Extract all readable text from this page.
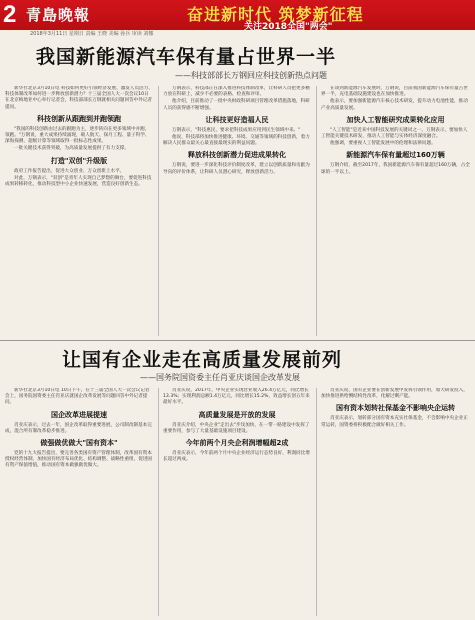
2 青島晚報	奋进新时代 筑梦新征程
关注2018全国"两会"
2018年3月11日 星期日 责编 王晓 美编 孙兵 审读 刘娜
我国新能源汽车保有量占世界一半
——科技部部长万钢回应科技创新热点问题

新华社北京3月10日电 科技如何更好引领经济发展、激发人员活力、科技体制改革如何进一步释放创新潜力？十三届全国人大一次会议10日在北京梅地亚中心举行记者会，科技部部长万钢就相关问题回答中外记者提问。

科技创新从跟跑到并跑领跑

"我国的科技创新由过去的跟跑为主，逐步转向在更多领域中并跑、领跑。"万钢说，重大成果持续涌现，载人航天、探月工程、量子科学、深海探测、超级计算等领域取得一批标志性成果。

一批关键技术获得突破，为高质量发展提供了有力支撑。

打造"双创"升级版

政府工作报告提出，促进大众创业、万众创新上水平。

对此，万钢表示，"双创"是青年人实现自己梦想的舞台，要促进科技成果转移转化，推动科技型中小企业快速发展，营造良好创新生态。

万钢表示，科技部正在深入推进科技体制改革，让科研人员把更多精力放在科研上，减少不必要的表格、检查和评审。

他介绍，目前推动了一批中央财政科研项目管理改革措施落地，科研人员的获得感不断增强。

让科技更好造福人民

万钢表示，"科技惠民，要求把科技成果应用到民生领域中来。"

他说，科技部将加快推进健康、环境、交通等领域的科技创新，着力解决人民群众最关心最直接最现实的利益问题。

释放科技创新潜力促进成果转化

万钢说，要进一步深化科技评价制度改革，建立以创新质量和贡献为导向的评价体系，让科研人员潜心研究，释放创新活力。

在谈到新能源汽车发展时，万钢说，目前我国新能源汽车保有量占世界一半，充电基础设施建设也在加快推进。

他表示，要加强新能源汽车核心技术研发，提升动力电池性能，推动产业高质量发展。

加快人工智能研究成果转化应用

"人工智能"是近来中国科技发展的关键词之一。万钢表示，要加快人工智能关键技术研发，推动人工智能与实体经济深度融合。

他强调，要重视人工智能发展中的伦理和法律问题。

新能源汽车保有量超过160万辆

万钢介绍，截至2017年，我国新能源汽车保有量超过160万辆，占全球的一半以上。

让国有企业走在高质量发展前列
——国务院国资委主任肖亚庆谈国企改革发展

新华社北京3月10日电 10日下午，在十三届全国人大一次会议记者会上，国务院国资委主任肖亚庆就国企改革发展等问题回答中外记者提问。

国企改革进展提速

肖亚庆表示，过去一年，国企改革取得重要进展，公司制改制基本完成，混合所有制改革稳步推进。

做强做优做大"国有资本"

党的十九大报告提出，要完善各类国有资产管理体制，改革国有资本授权经营体制，加快国有经济布局优化、结构调整、战略性重组，促进国有资产保值增值，推动国有资本做强做优做大。

肖亚庆说，2017年，中央企业实现营业收入26.4万亿元，同比增长13.3%；实现利润总额1.4万亿元，同比增长15.2%，效益增长创五年来最好水平。

高质量发展是开放的发展

肖亚庆介绍，中央企业"走出去"步伐加快，在一带一路建设中发挥了重要作用，参与了大量基础设施项目建设。

今年前两个月央企利润增幅超2成

肖亚庆表示，今年前两个月中央企业经济运行态势良好，利润同比增长超过两成。

肖亚庆说，国有企业要在创新发展中发挥引领作用，加大研发投入，加快推进供给侧结构性改革，化解过剩产能。

国有资本划转社保基金不影响央企运转

肖亚庆表示，划转部分国有资本充实社保基金，不会影响中央企业正常运转，国资委将积极配合做好相关工作。
